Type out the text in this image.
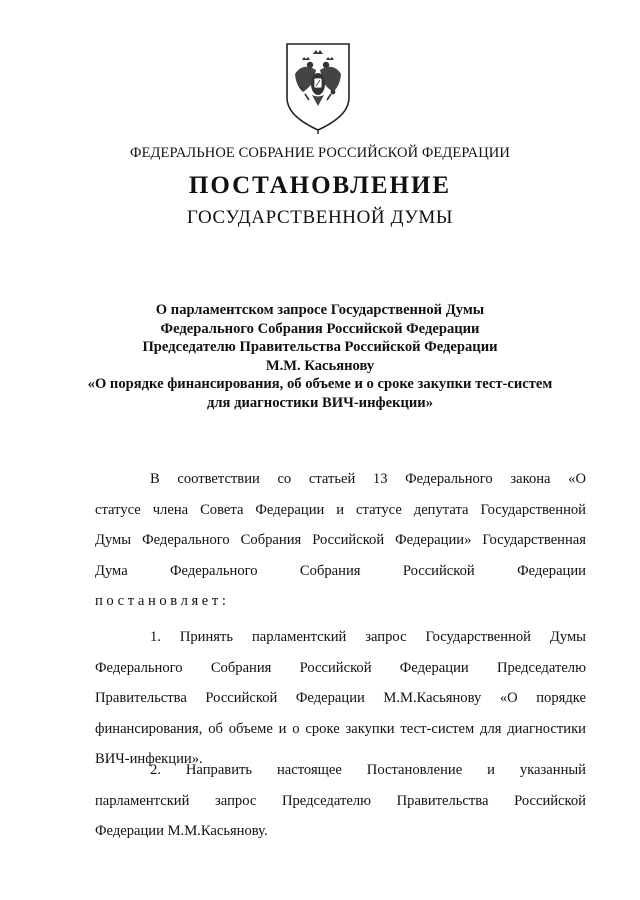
ФЕДЕРАЛЬНОЕ СОБРАНИЕ РОССИЙСКОЙ ФЕДЕРАЦИИ
ПОСТАНОВЛЕНИЕ
ГОСУДАРСТВЕННОЙ ДУМЫ
О парламентском запросе Государственной Думы
Федерального Собрания Российской Федерации
Председателю Правительства Российской Федерации
М.М. Касьянову
«О порядке финансирования, об объеме и о сроке закупки тест-систем
для диагностики ВИЧ-инфекции»
В соответствии со статьей 13 Федерального закона «О
статусе члена Совета Федерации и статусе депутата Государственной
Думы Федерального Собрания Российской Федерации» Государственная
Дума Федерального Собрания Российской Федерации
постановляет:
1. Принять парламентский запрос Государственной Думы
Федерального Собрания Российской Федерации Председателю
Правительства Российской Федерации М.М.Касьянову «О порядке
финансирования, об объеме и о сроке закупки тест-систем для диагностики
ВИЧ-инфекции».
2. Направить настоящее Постановление и указанный
парламентский запрос Председателю Правительства Российской
Федерации М.М.Касьянову.
